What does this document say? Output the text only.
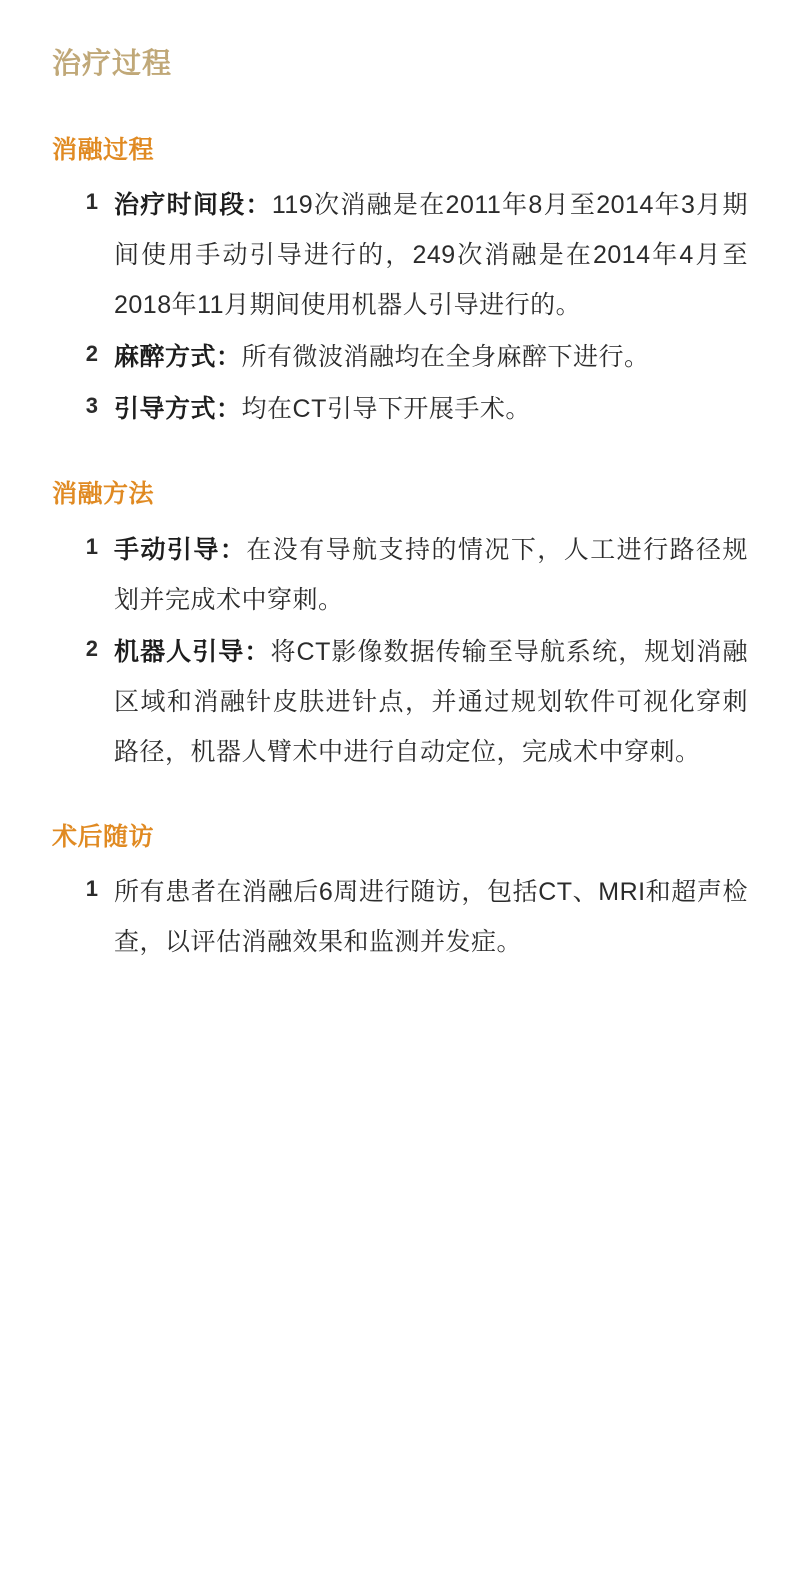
治疗过程
消融过程
1 治疗时间段：119次消融是在2011年8月至2014年3月期间使用手动引导进行的，249次消融是在2014年4月至2018年11月期间使用机器人引导进行的。
2 麻醉方式：所有微波消融均在全身麻醉下进行。
3 引导方式：均在CT引导下开展手术。
消融方法
1 手动引导：在没有导航支持的情况下，人工进行路径规划并完成术中穿刺。
2 机器人引导：将CT影像数据传输至导航系统，规划消融区域和消融针皮肤进针点，并通过规划软件可视化穿刺路径，机器人臂术中进行自动定位，完成术中穿刺。
术后随访
1 所有患者在消融后6周进行随访，包括CT、MRI和超声检查，以评估消融效果和监测并发症。
